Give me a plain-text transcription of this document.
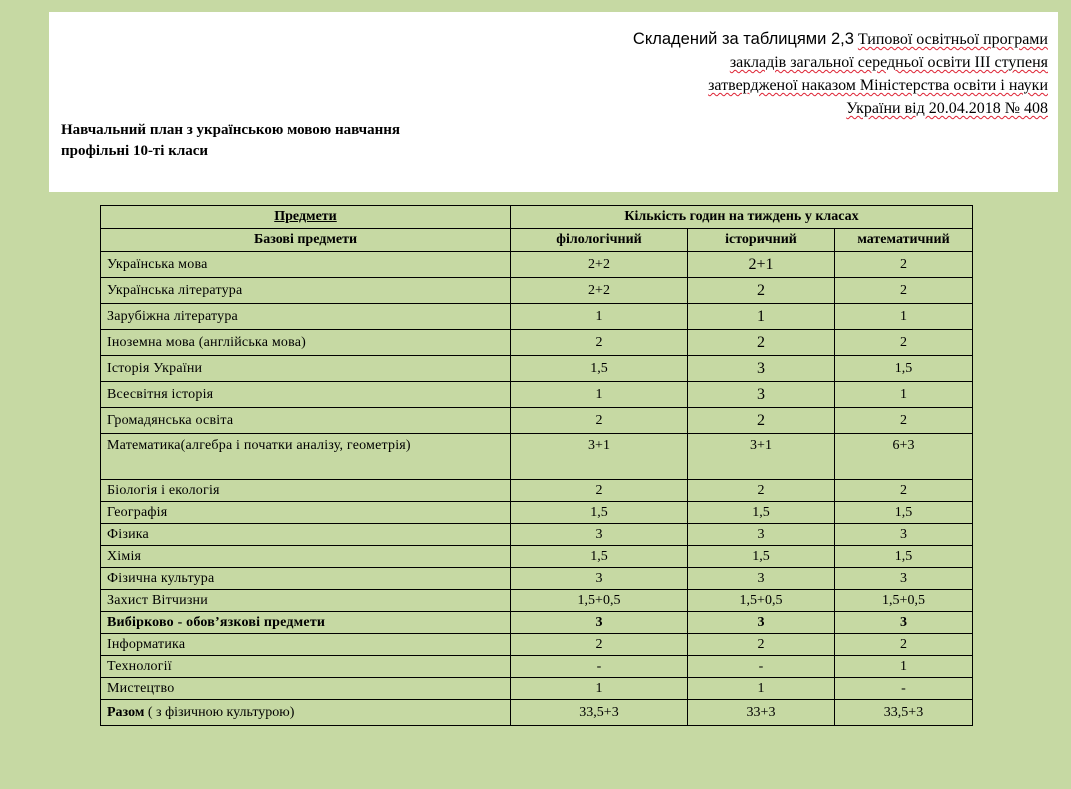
Складений за таблицями 2,3 Типової освітньої програми
закладів загальної середньої освіти ІІІ ступеня
затвердженої наказом Міністерства освіти і науки
України від 20.04.2018 № 408
Навчальний план з українською мовою навчання
профільні 10-ті класи
Предмети	Кількість годин на тиждень у класах		
Базові предмети	філологічний	історичний	математичний
Українська мова	2+2	2+1	2
Українська література	2+2	2	2
Зарубіжна література	1	1	1
Іноземна мова (англійська мова)	2	2	2
Історія України	1,5	3	1,5
Всесвітня історія	1	3	1
Громадянська освіта	2	2	2
Математика(алгебра і початки аналізу, геометрія)	3+1	3+1	6+3
Біологія і екологія	2	2	2
Географія	1,5	1,5	1,5
Фізика	3	3	3
Хімія	1,5	1,5	1,5
Фізична культура	3	3	3
Захист Вітчизни	1,5+0,5	1,5+0,5	1,5+0,5
Вибірково - обов’язкові предмети	3	3	3
Інформатика	2	2	2
Технології	-	-	1
Мистецтво	1	1	-
Разом ( з фізичною культурою)	33,5+3	33+3	33,5+3
